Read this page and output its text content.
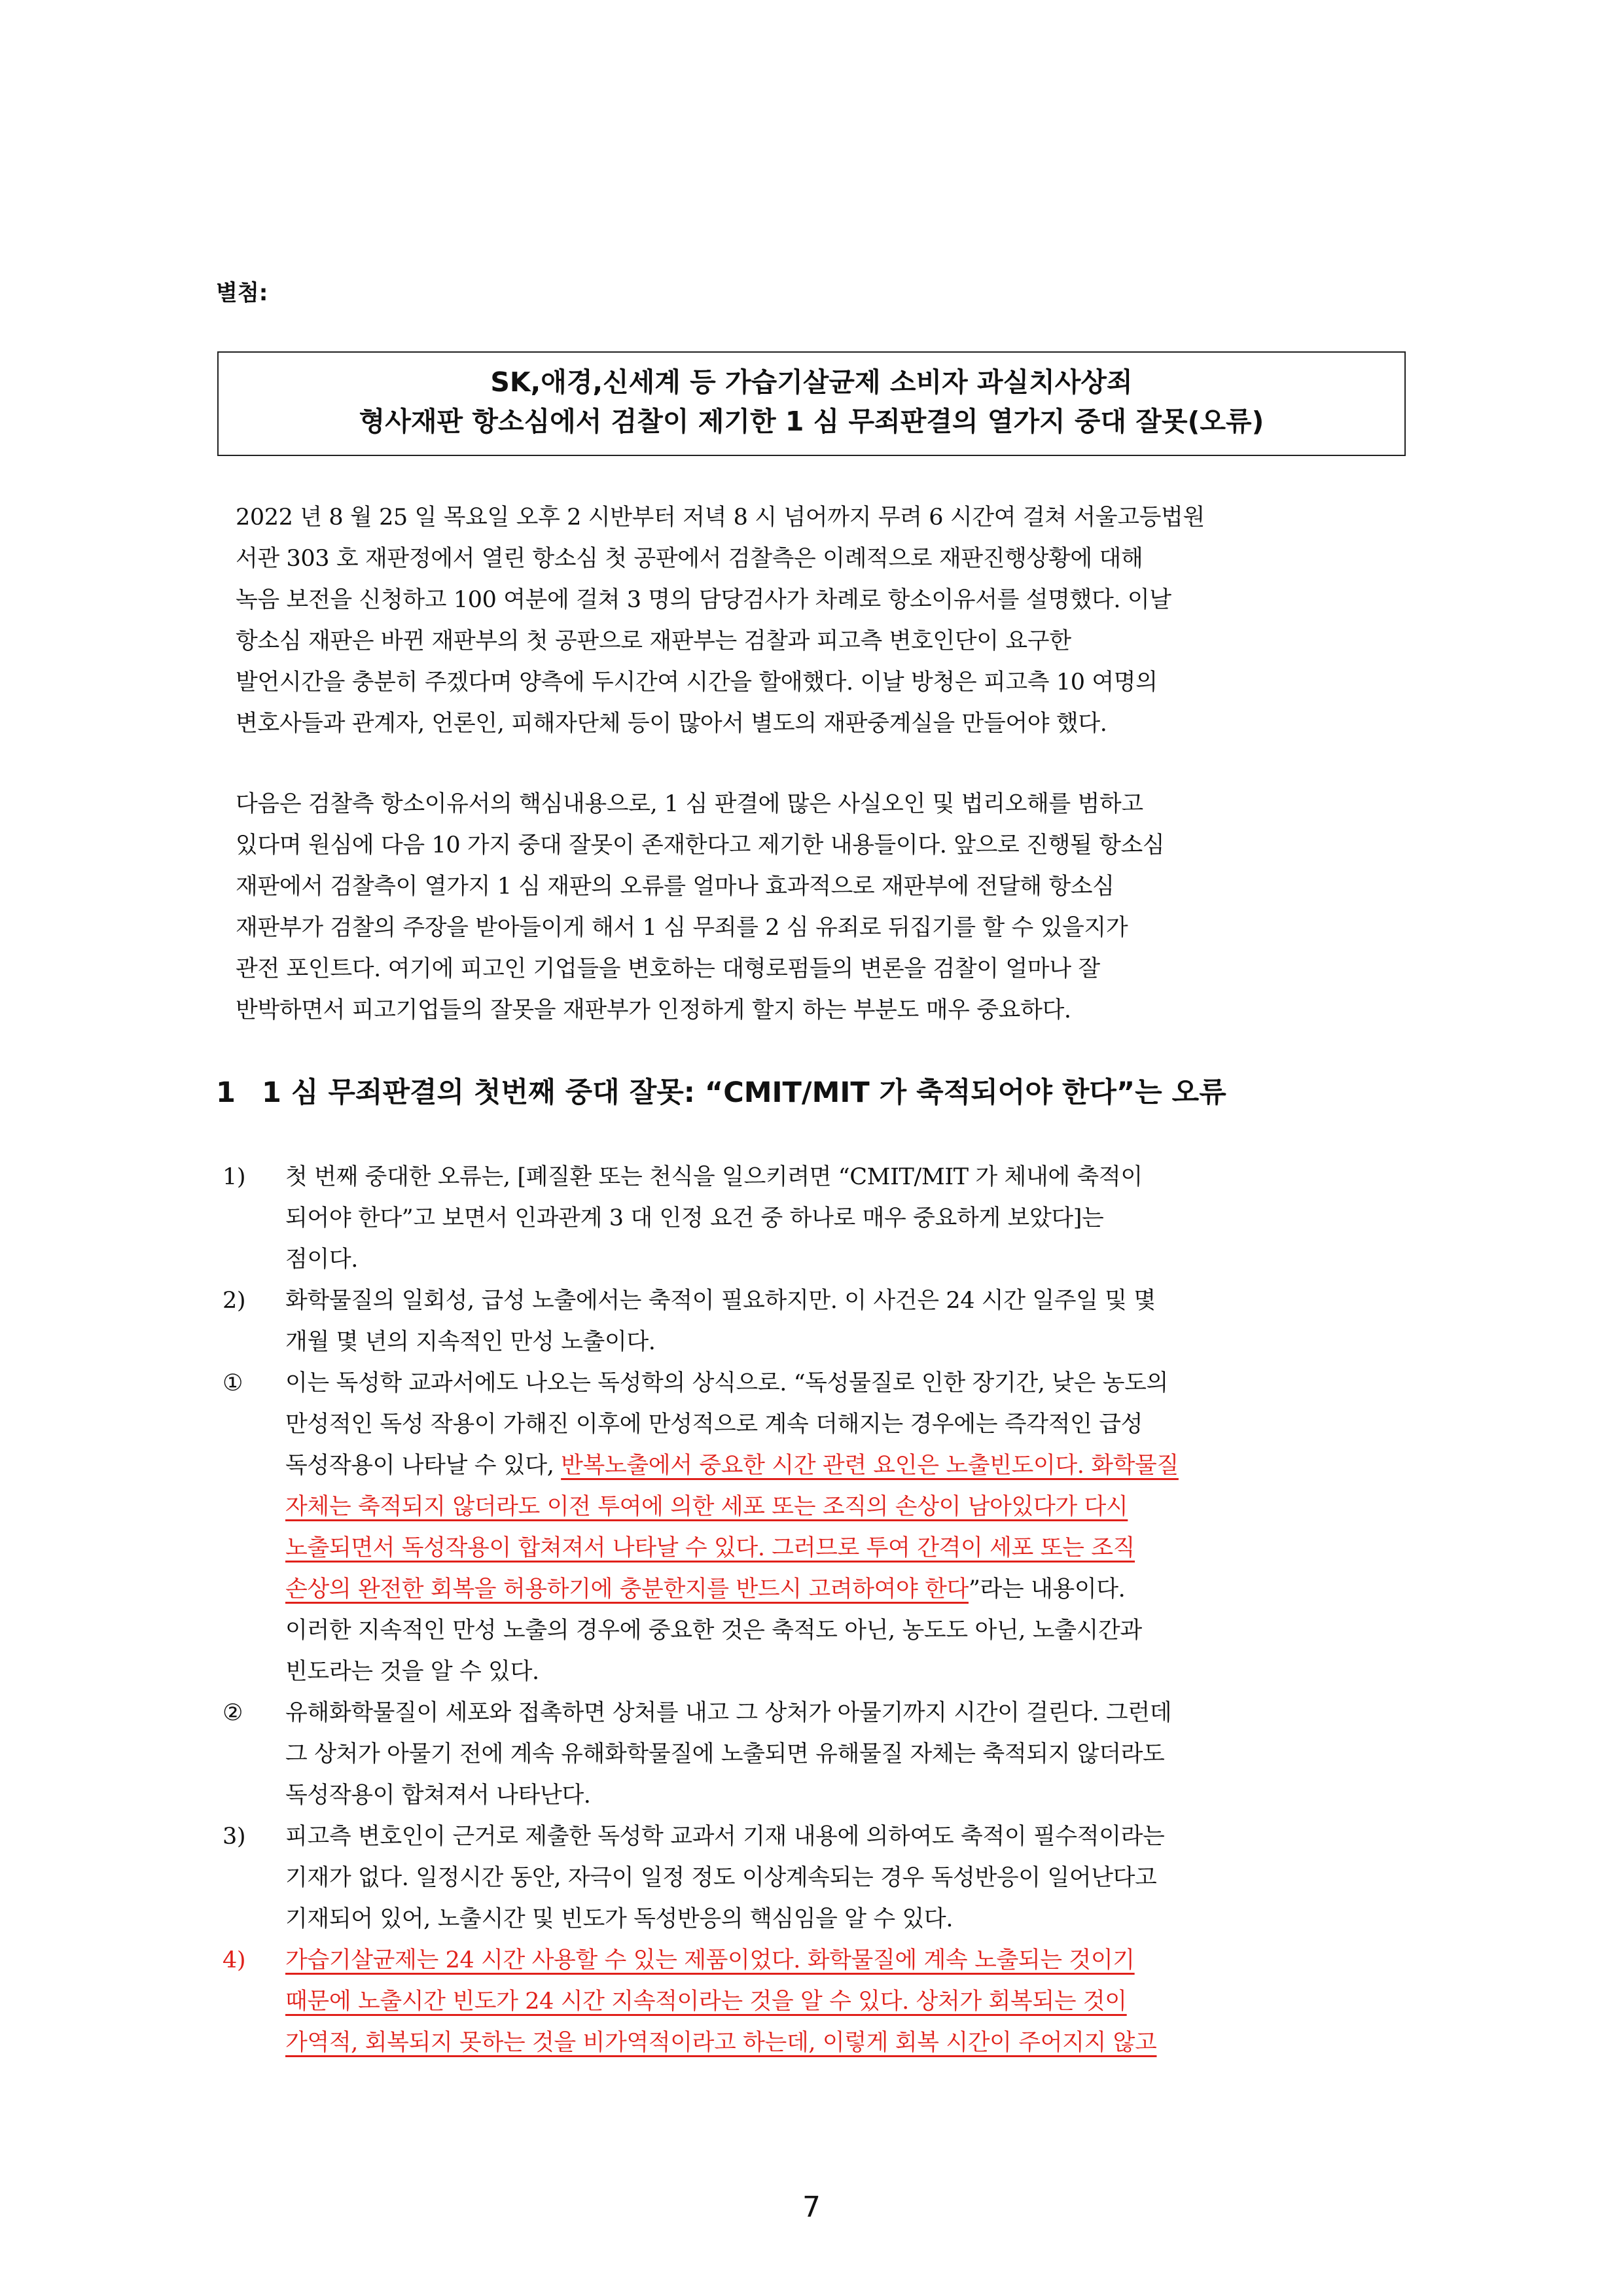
별첨:
SK,애경,신세계 등 가습기살균제 소비자 과실치사상죄
형사재판 항소심에서 검찰이 제기한 1 심 무죄판결의 열가지 중대 잘못(오류)
2022 년 8 월 25 일 목요일 오후 2 시반부터 저녁 8 시 넘어까지 무려 6 시간여 걸쳐 서울고등법원
서관 303 호 재판정에서 열린 항소심 첫 공판에서 검찰측은 이례적으로 재판진행상황에 대해
녹음 보전을 신청하고 100 여분에 걸쳐 3 명의 담당검사가 차례로 항소이유서를 설명했다. 이날
항소심 재판은 바뀐 재판부의 첫 공판으로 재판부는 검찰과 피고측 변호인단이 요구한
발언시간을 충분히 주겠다며 양측에 두시간여 시간을 할애했다. 이날 방청은 피고측 10 여명의
변호사들과 관계자, 언론인, 피해자단체 등이 많아서 별도의 재판중계실을 만들어야 했다.
다음은 검찰측 항소이유서의 핵심내용으로, 1 심 판결에 많은 사실오인 및 법리오해를 범하고
있다며 원심에 다음 10 가지 중대 잘못이 존재한다고 제기한 내용들이다. 앞으로 진행될 항소심
재판에서 검찰측이 열가지 1 심 재판의 오류를 얼마나 효과적으로 재판부에 전달해 항소심
재판부가 검찰의 주장을 받아들이게 해서 1 심 무죄를 2 심 유죄로 뒤집기를 할 수 있을지가
관전 포인트다. 여기에 피고인 기업들을 변호하는 대형로펌들의 변론을 검찰이 얼마나 잘
반박하면서 피고기업들의 잘못을 재판부가 인정하게 할지 하는 부분도 매우 중요하다.
1 1 심 무죄판결의 첫번째 중대 잘못: “CMIT/MIT 가 축적되어야 한다”는 오류
1)	첫 번째 중대한 오류는, [폐질환 또는 천식을 일으키려면 “CMIT/MIT 가 체내에 축적이
되어야 한다”고 보면서 인과관계 3 대 인정 요건 중 하나로 매우 중요하게 보았다]는
점이다.
2)	화학물질의 일회성, 급성 노출에서는 축적이 필요하지만. 이 사건은 24 시간 일주일 및 몇
개월 몇 년의 지속적인 만성 노출이다.
①	이는 독성학 교과서에도 나오는 독성학의 상식으로. “독성물질로 인한 장기간, 낮은 농도의
만성적인 독성 작용이 가해진 이후에 만성적으로 계속 더해지는 경우에는 즉각적인 급성
독성작용이 나타날 수 있다, 반복노출에서 중요한 시간 관련 요인은 노출빈도이다. 화학물질
자체는 축적되지 않더라도 이전 투여에 의한 세포 또는 조직의 손상이 남아있다가 다시
노출되면서 독성작용이 합쳐져서 나타날 수 있다. 그러므로 투여 간격이 세포 또는 조직
손상의 완전한 회복을 허용하기에 충분한지를 반드시 고려하여야 한다”라는 내용이다.
이러한 지속적인 만성 노출의 경우에 중요한 것은 축적도 아닌, 농도도 아닌, 노출시간과
빈도라는 것을 알 수 있다.
②	유해화학물질이 세포와 접촉하면 상처를 내고 그 상처가 아물기까지 시간이 걸린다. 그런데
그 상처가 아물기 전에 계속 유해화학물질에 노출되면 유해물질 자체는 축적되지 않더라도
독성작용이 합쳐져서 나타난다.
3)	피고측 변호인이 근거로 제출한 독성학 교과서 기재 내용에 의하여도 축적이 필수적이라는
기재가 없다. 일정시간 동안, 자극이 일정 정도 이상계속되는 경우 독성반응이 일어난다고
기재되어 있어, 노출시간 및 빈도가 독성반응의 핵심임을 알 수 있다.
4)	가습기살균제는 24 시간 사용할 수 있는 제품이었다. 화학물질에 계속 노출되는 것이기
때문에 노출시간 빈도가 24 시간 지속적이라는 것을 알 수 있다. 상처가 회복되는 것이
가역적, 회복되지 못하는 것을 비가역적이라고 하는데, 이렇게 회복 시간이 주어지지 않고
7
